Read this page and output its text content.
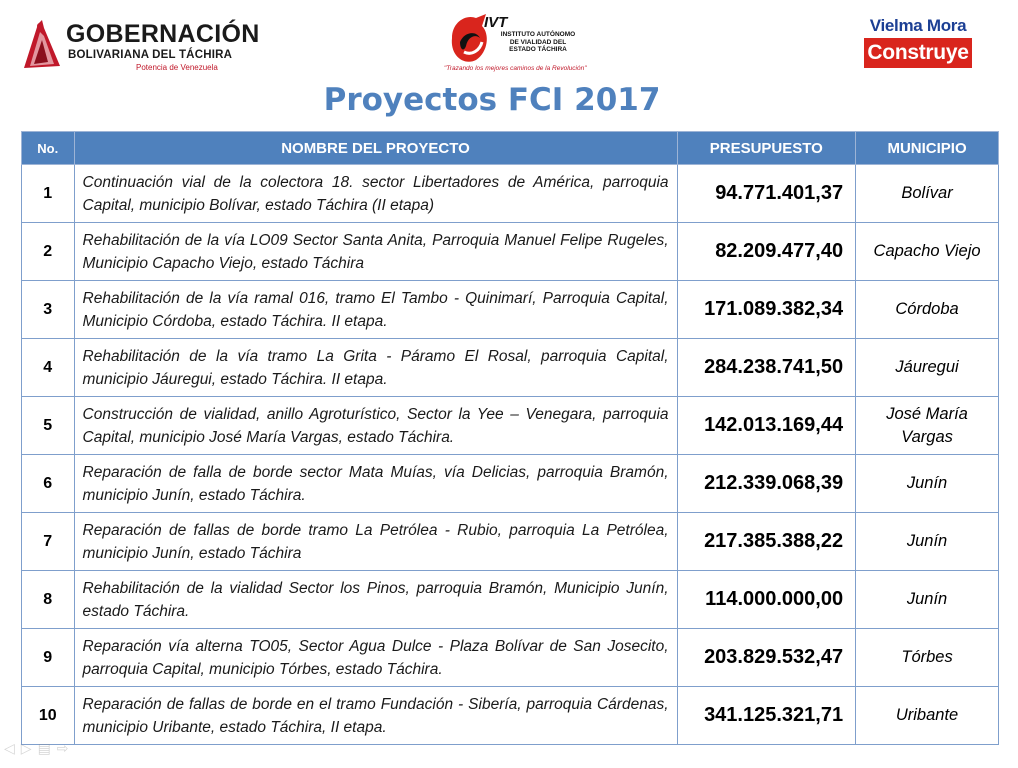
GOBERNACIÓN
BOLIVARIANA DEL TÁCHIRA
Potencia de Venezuela
IVT
INSTITUTO AUTÓNOMO DE VIALIDAD DEL ESTADO TÁCHIRA
"Trazando los mejores caminos de la Revolución"
Vielma Mora
Construye
Proyectos FCI 2017
No.	NOMBRE DEL PROYECTO	PRESUPUESTO	MUNICIPIO
1	Continuación vial de la colectora 18. sector Libertadores de América, parroquia Capital, municipio Bolívar, estado Táchira (II etapa)	94.771.401,37	Bolívar
2	Rehabilitación de la vía LO09 Sector Santa Anita, Parroquia Manuel Felipe Rugeles, Municipio Capacho Viejo, estado Táchira	82.209.477,40	Capacho Viejo
3	Rehabilitación de la vía ramal 016, tramo El Tambo - Quinimarí, Parroquia Capital, Municipio Córdoba, estado Táchira. II etapa.	171.089.382,34	Córdoba
4	Rehabilitación de la vía tramo La Grita - Páramo El Rosal, parroquia Capital, municipio Jáuregui, estado Táchira. II etapa.	284.238.741,50	Jáuregui
5	Construcción de vialidad, anillo Agroturístico, Sector la Yee – Venegara, parroquia Capital, municipio José María Vargas, estado Táchira.	142.013.169,44	José María Vargas
6	Reparación de falla de borde sector Mata Muías, vía Delicias, parroquia Bramón, municipio Junín, estado Táchira.	212.339.068,39	Junín
7	Reparación de fallas de borde tramo La Petrólea - Rubio, parroquia La Petrólea, municipio Junín, estado Táchira	217.385.388,22	Junín
8	Rehabilitación de la vialidad Sector los Pinos, parroquia Bramón, Municipio Junín, estado Táchira.	114.000.000,00	Junín
9	Reparación vía alterna TO05, Sector Agua Dulce - Plaza Bolívar de San Josecito, parroquia Capital, municipio Tórbes, estado Táchira.	203.829.532,47	Tórbes
10	Reparación de fallas de borde en el tramo Fundación - Sibería, parroquia Cárdenas, municipio Uribante, estado Táchira, II etapa.	341.125.321,71	Uribante
◁ ▷ ▤ ⇨
